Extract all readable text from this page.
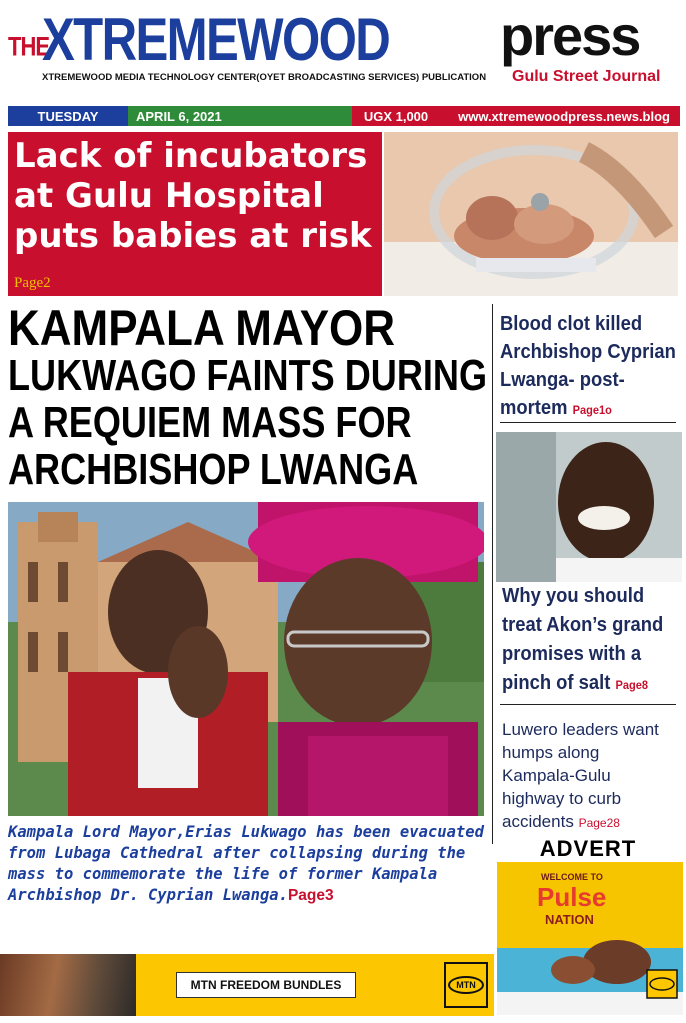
THE
XTREMEWOOD press
Gulu Street Journal
XTREMEWOOD MEDIA TECHNOLOGY CENTER(OYET BROADCASTING SERVICES) PUBLICATION
TUESDAY	APRIL 6, 2021	UGX 1,000	www.xtremewoodpress.news.blog
Lack of incubators at Gulu Hospital puts babies at risk Page2
KAMPALA MAYOR
LUKWAGO FAINTS DURING
A REQUIEM MASS FOR
ARCHBISHOP LWANGA
Kampala Lord Mayor,Erias Lukwago has been evacuated from Lubaga Cathedral after collapsing during the mass to commemorate the life of former Kampala Archbishop Dr. Cyprian Lwanga.Page3
Blood clot killed
Archbishop Cyprian
Lwanga- post-
mortem Page1o
Why you should
treat Akon’s grand
promises with a
pinch of salt Page8
Luwero leaders want
humps along
Kampala-Gulu
highway to curb
accidents Page28
ADVERT
WELCOME TO
Pulse
NATION
MTN FREEDOM BUNDLES	MTN
